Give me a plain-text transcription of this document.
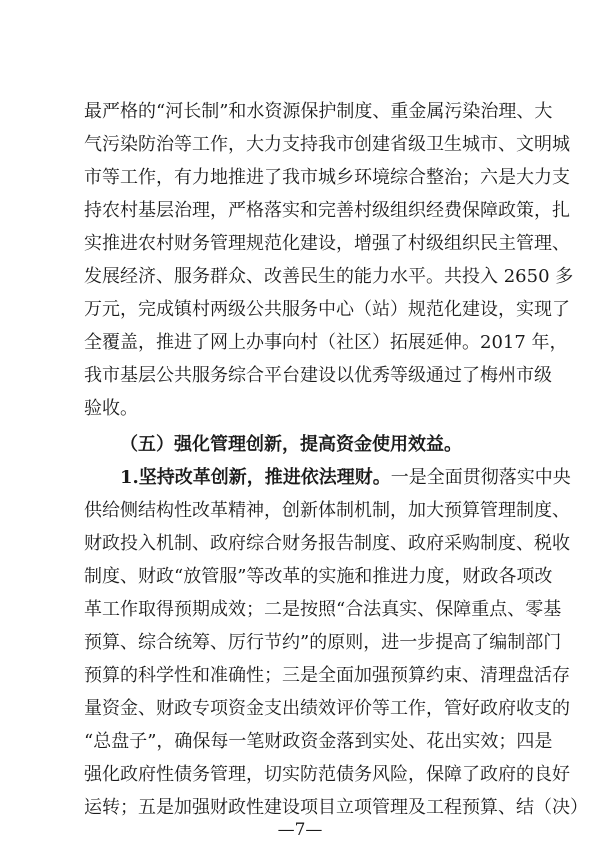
最严格的“河长制”和水资源保护制度、重金属污染治理、大
气污染防治等工作，大力支持我市创建省级卫生城市、文明城
市等工作，有力地推进了我市城乡环境综合整治；六是大力支
持农村基层治理，严格落实和完善村级组织经费保障政策，扎
实推进农村财务管理规范化建设，增强了村级组织民主管理、
发展经济、服务群众、改善民生的能力水平。共投入 2650 多
万元，完成镇村两级公共服务中心（站）规范化建设，实现了
全覆盖，推进了网上办事向村（社区）拓展延伸。2017 年，
我市基层公共服务综合平台建设以优秀等级通过了梅州市级
验收。
（五）强化管理创新，提高资金使用效益。
1.坚持改革创新，推进依法理财。一是全面贯彻落实中央
供给侧结构性改革精神，创新体制机制，加大预算管理制度、
财政投入机制、政府综合财务报告制度、政府采购制度、税收
制度、财政“放管服”等改革的实施和推进力度，财政各项改
革工作取得预期成效；二是按照“合法真实、保障重点、零基
预算、综合统筹、厉行节约”的原则，进一步提高了编制部门
预算的科学性和准确性；三是全面加强预算约束、清理盘活存
量资金、财政专项资金支出绩效评价等工作，管好政府收支的
“总盘子”，确保每一笔财政资金落到实处、花出实效；四是
强化政府性债务管理，切实防范债务风险，保障了政府的良好
运转；五是加强财政性建设项目立项管理及工程预算、结（决）
—7—
